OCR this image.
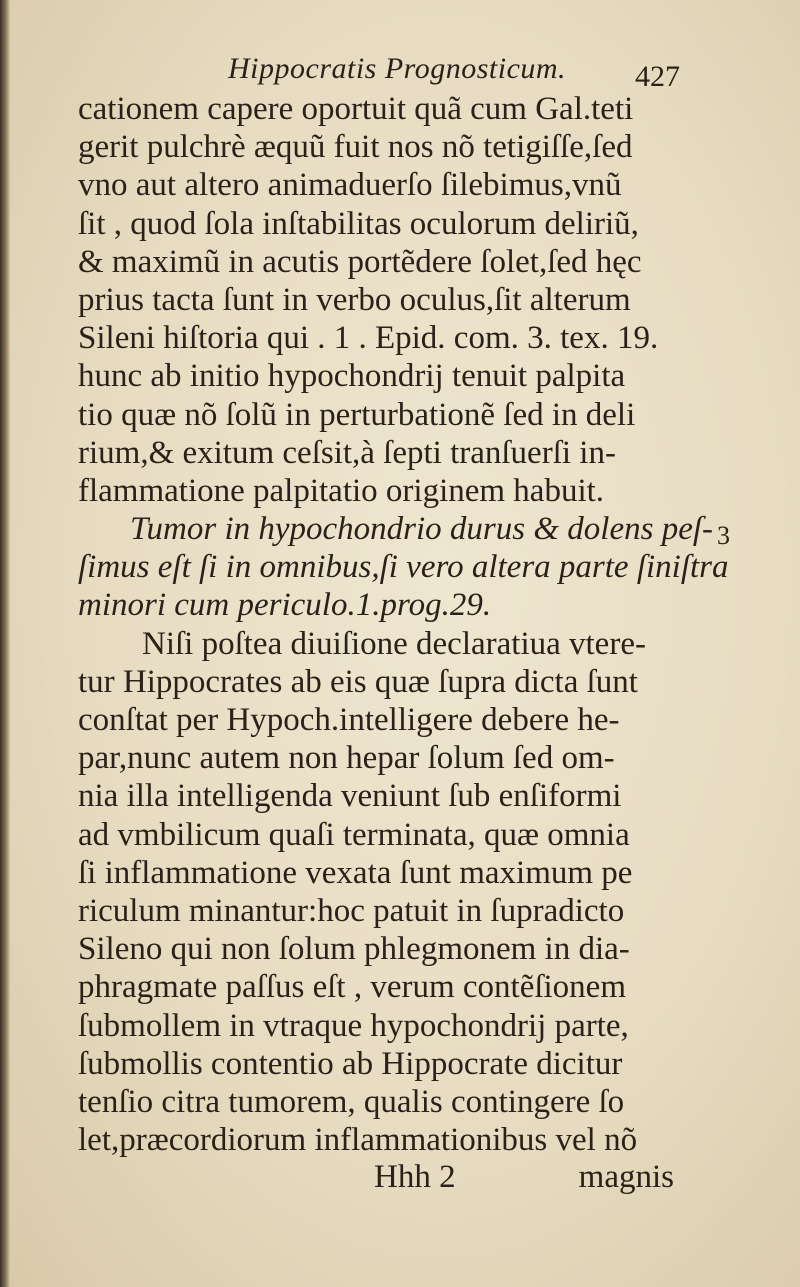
Hippocratis Prognosticum. 427
cationem capere oportuit quã cum Gal.teti
gerit pulchrè æquũ fuit nos nõ tetigiſſe,ſed
vno aut altero animaduerſo ſilebimus,vnũ
ſit , quod ſola inſtabilitas oculorum deliriũ,
& maximũ in acutis portẽdere ſolet,ſed hęc
prius tacta ſunt in verbo oculus,ſit alterum
Sileni hiſtoria qui . 1 . Epid. com. 3. tex. 19.
hunc ab initio hypochondrij tenuit palpita
tio quæ nõ ſolũ in perturbationẽ ſed in deli
rium,& exitum ceſsit,à ſepti tranſuerſi in-
flammatione palpitatio originem habuit.
Tumor in hypochondrio durus & dolens peſ-
ſimus eſt ſi in omnibus,ſi vero altera parte ſiniſtra
minori cum periculo.1.prog.29.
Niſi poſtea diuiſione declaratiua vtere-
tur Hippocrates ab eis quæ ſupra dicta ſunt
conſtat per Hypoch.intelligere debere he-
par,nunc autem non hepar ſolum ſed om-
nia illa intelligenda veniunt ſub enſiformi
ad vmbilicum quaſi terminata, quæ omnia
ſi inflammatione vexata ſunt maximum pe
riculum minantur:hoc patuit in ſupradicto
Sileno qui non ſolum phlegmonem in dia-
phragmate paſſus eſt , verum contẽſionem
ſubmollem in vtraque hypochondrij parte,
ſubmollis contentio ab Hippocrate dicitur
tenſio citra tumorem, qualis contingere ſo
let,præcordiorum inflammationibus vel nõ
3
Hhh 2	magnis
